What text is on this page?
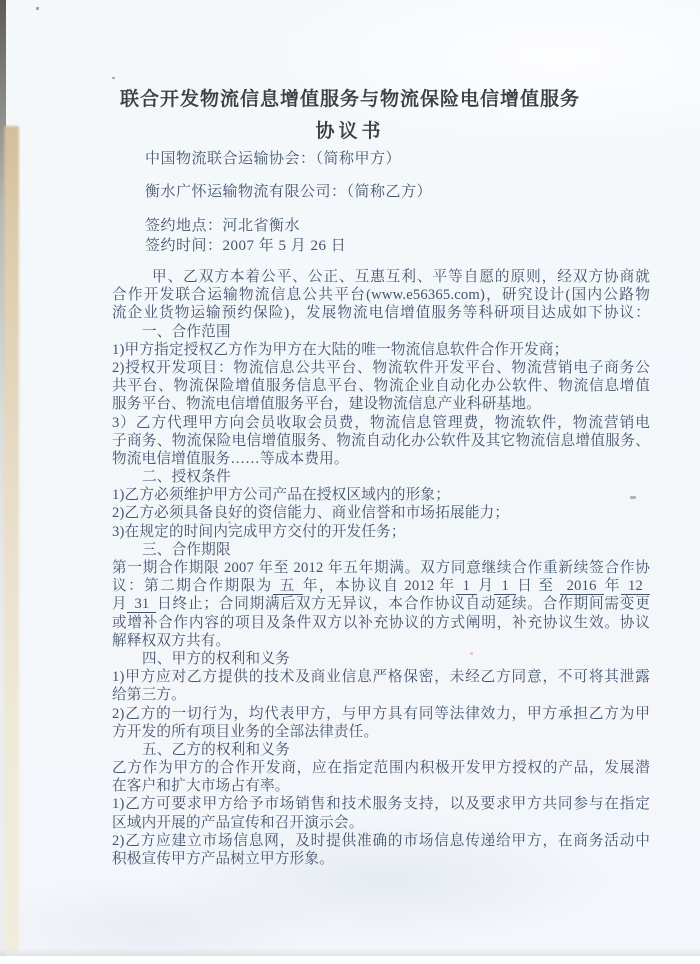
联合开发物流信息增值服务与物流保险电信增值服务
协议书
中国物流联合运输协会：（简称甲方）
衡水广怀运输物流有限公司：（简称乙方）
签约地点：河北省衡水
签约时间：2007 年 5 月 26 日
甲、乙双方本着公平、公正、互惠互利、平等自愿的原则，经双方协商就
合作开发联合运输物流信息公共平台(www.e56365.com)，研究设计(国内公路物
流企业货物运输预约保险)，发展物流电信增值服务等科研项目达成如下协议：
一、合作范围
1)甲方指定授权乙方作为甲方在大陆的唯一物流信息软件合作开发商；
2)授权开发项目：物流信息公共平台、物流软件开发平台、物流营销电子商务公
共平台、物流保险增值服务信息平台、物流企业自动化办公软件、物流信息增值
服务平台、物流电信增值服务平台，建设物流信息产业科研基地。
3）乙方代理甲方向会员收取会员费，物流信息管理费，物流软件，物流营销电
子商务、物流保险电信增值服务、物流自动化办公软件及其它物流信息增值服务、
物流电信增值服务……等成本费用。
二、授权条件
1)乙方必须维护甲方公司产品在授权区域内的形象；
2)乙方必须具备良好的资信能力、商业信誉和市场拓展能力；
3)在规定的时间内完成甲方交付的开发任务；
三、合作期限
第一期合作期限 2007 年至 2012 年五年期满。双方同意继续合作重新续签合作协
议：第二期合作期限为 五 年，本协议自 2012 年 1 月 1 日 至 2016 年 12
月 31 日终止；合同期满后双方无异议，本合作协议自动延续。合作期间需变更
或增补合作内容的项目及条件双方以补充协议的方式阐明，补充协议生效。协议
解释权双方共有。
四、甲方的权利和义务
1)甲方应对乙方提供的技术及商业信息严格保密，未经乙方同意，不可将其泄露
给第三方。
2)乙方的一切行为，均代表甲方，与甲方具有同等法律效力，甲方承担乙方为甲
方开发的所有项目业务的全部法律责任。
五、乙方的权利和义务
乙方作为甲方的合作开发商，应在指定范围内积极开发甲方授权的产品，发展潜
在客户和扩大市场占有率。
1)乙方可要求甲方给予市场销售和技术服务支持，以及要求甲方共同参与在指定
区域内开展的产品宣传和召开演示会。
2)乙方应建立市场信息网，及时提供准确的市场信息传递给甲方，在商务活动中
积极宣传甲方产品树立甲方形象。
